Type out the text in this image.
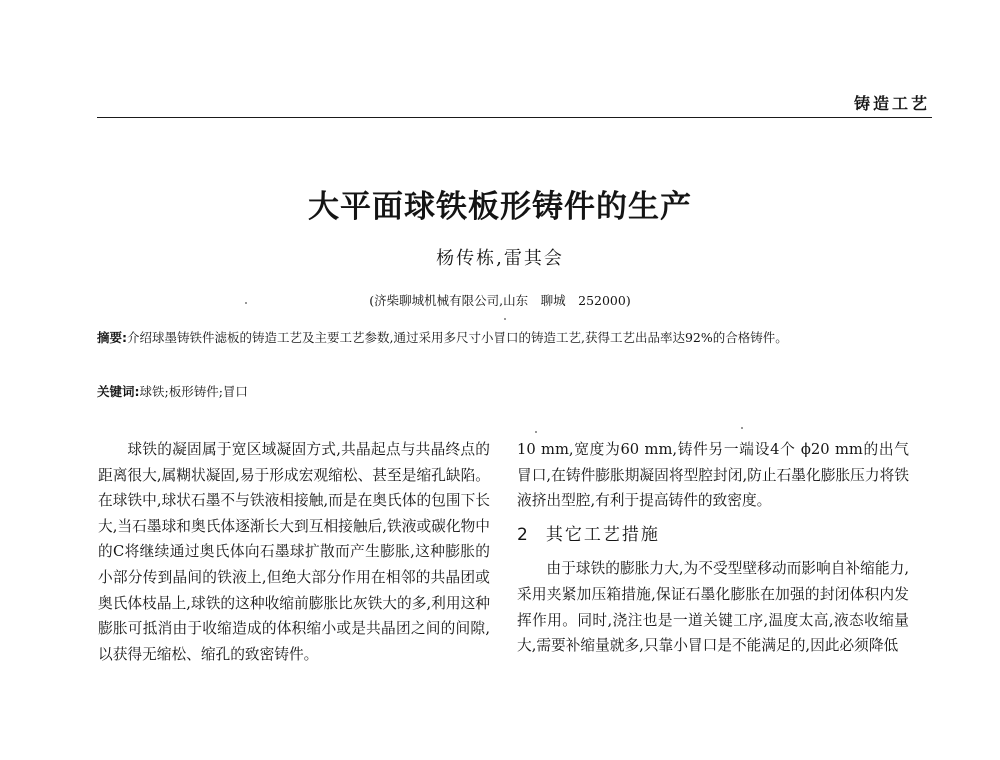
铸造工艺
大平面球铁板形铸件的生产
杨传栋,雷其会
(济柴聊城机械有限公司,山东　聊城　252000)
摘要:介绍球墨铸铁件滤板的铸造工艺及主要工艺参数,通过采用多尺寸小冒口的铸造工艺,获得工艺出品率达92%的合格铸件。
关键词:球铁;板形铸件;冒口

球铁的凝固属于宽区域凝固方式,共晶起点与共晶终点的距离很大,属糊状凝固,易于形成宏观缩松、甚至是缩孔缺陷。在球铁中,球状石墨不与铁液相接触,而是在奥氏体的包围下长大,当石墨球和奥氏体逐渐长大到互相接触后,铁液或碳化物中的C将继续通过奥氏体向石墨球扩散而产生膨胀,这种膨胀的小部分传到晶间的铁液上,但绝大部分作用在相邻的共晶团或奥氏体枝晶上,球铁的这种收缩前膨胀比灰铁大的多,利用这种膨胀可抵消由于收缩造成的体积缩小或是共晶团之间的间隙,以获得无缩松、缩孔的致密铸件。

10 mm,宽度为60 mm,铸件另一端设4个 ϕ20 mm的出气冒口,在铸件膨胀期凝固将型腔封闭,防止石墨化膨胀压力将铁液挤出型腔,有利于提高铸件的致密度。

2 其它工艺措施

由于球铁的膨胀力大,为不受型壁移动而影响自补缩能力,采用夹紧加压箱措施,保证石墨化膨胀在加强的封闭体积内发挥作用。同时,浇注也是一道关键工序,温度太高,液态收缩量大,需要补缩量就多,只靠小冒口是不能满足的,因此必须降低
